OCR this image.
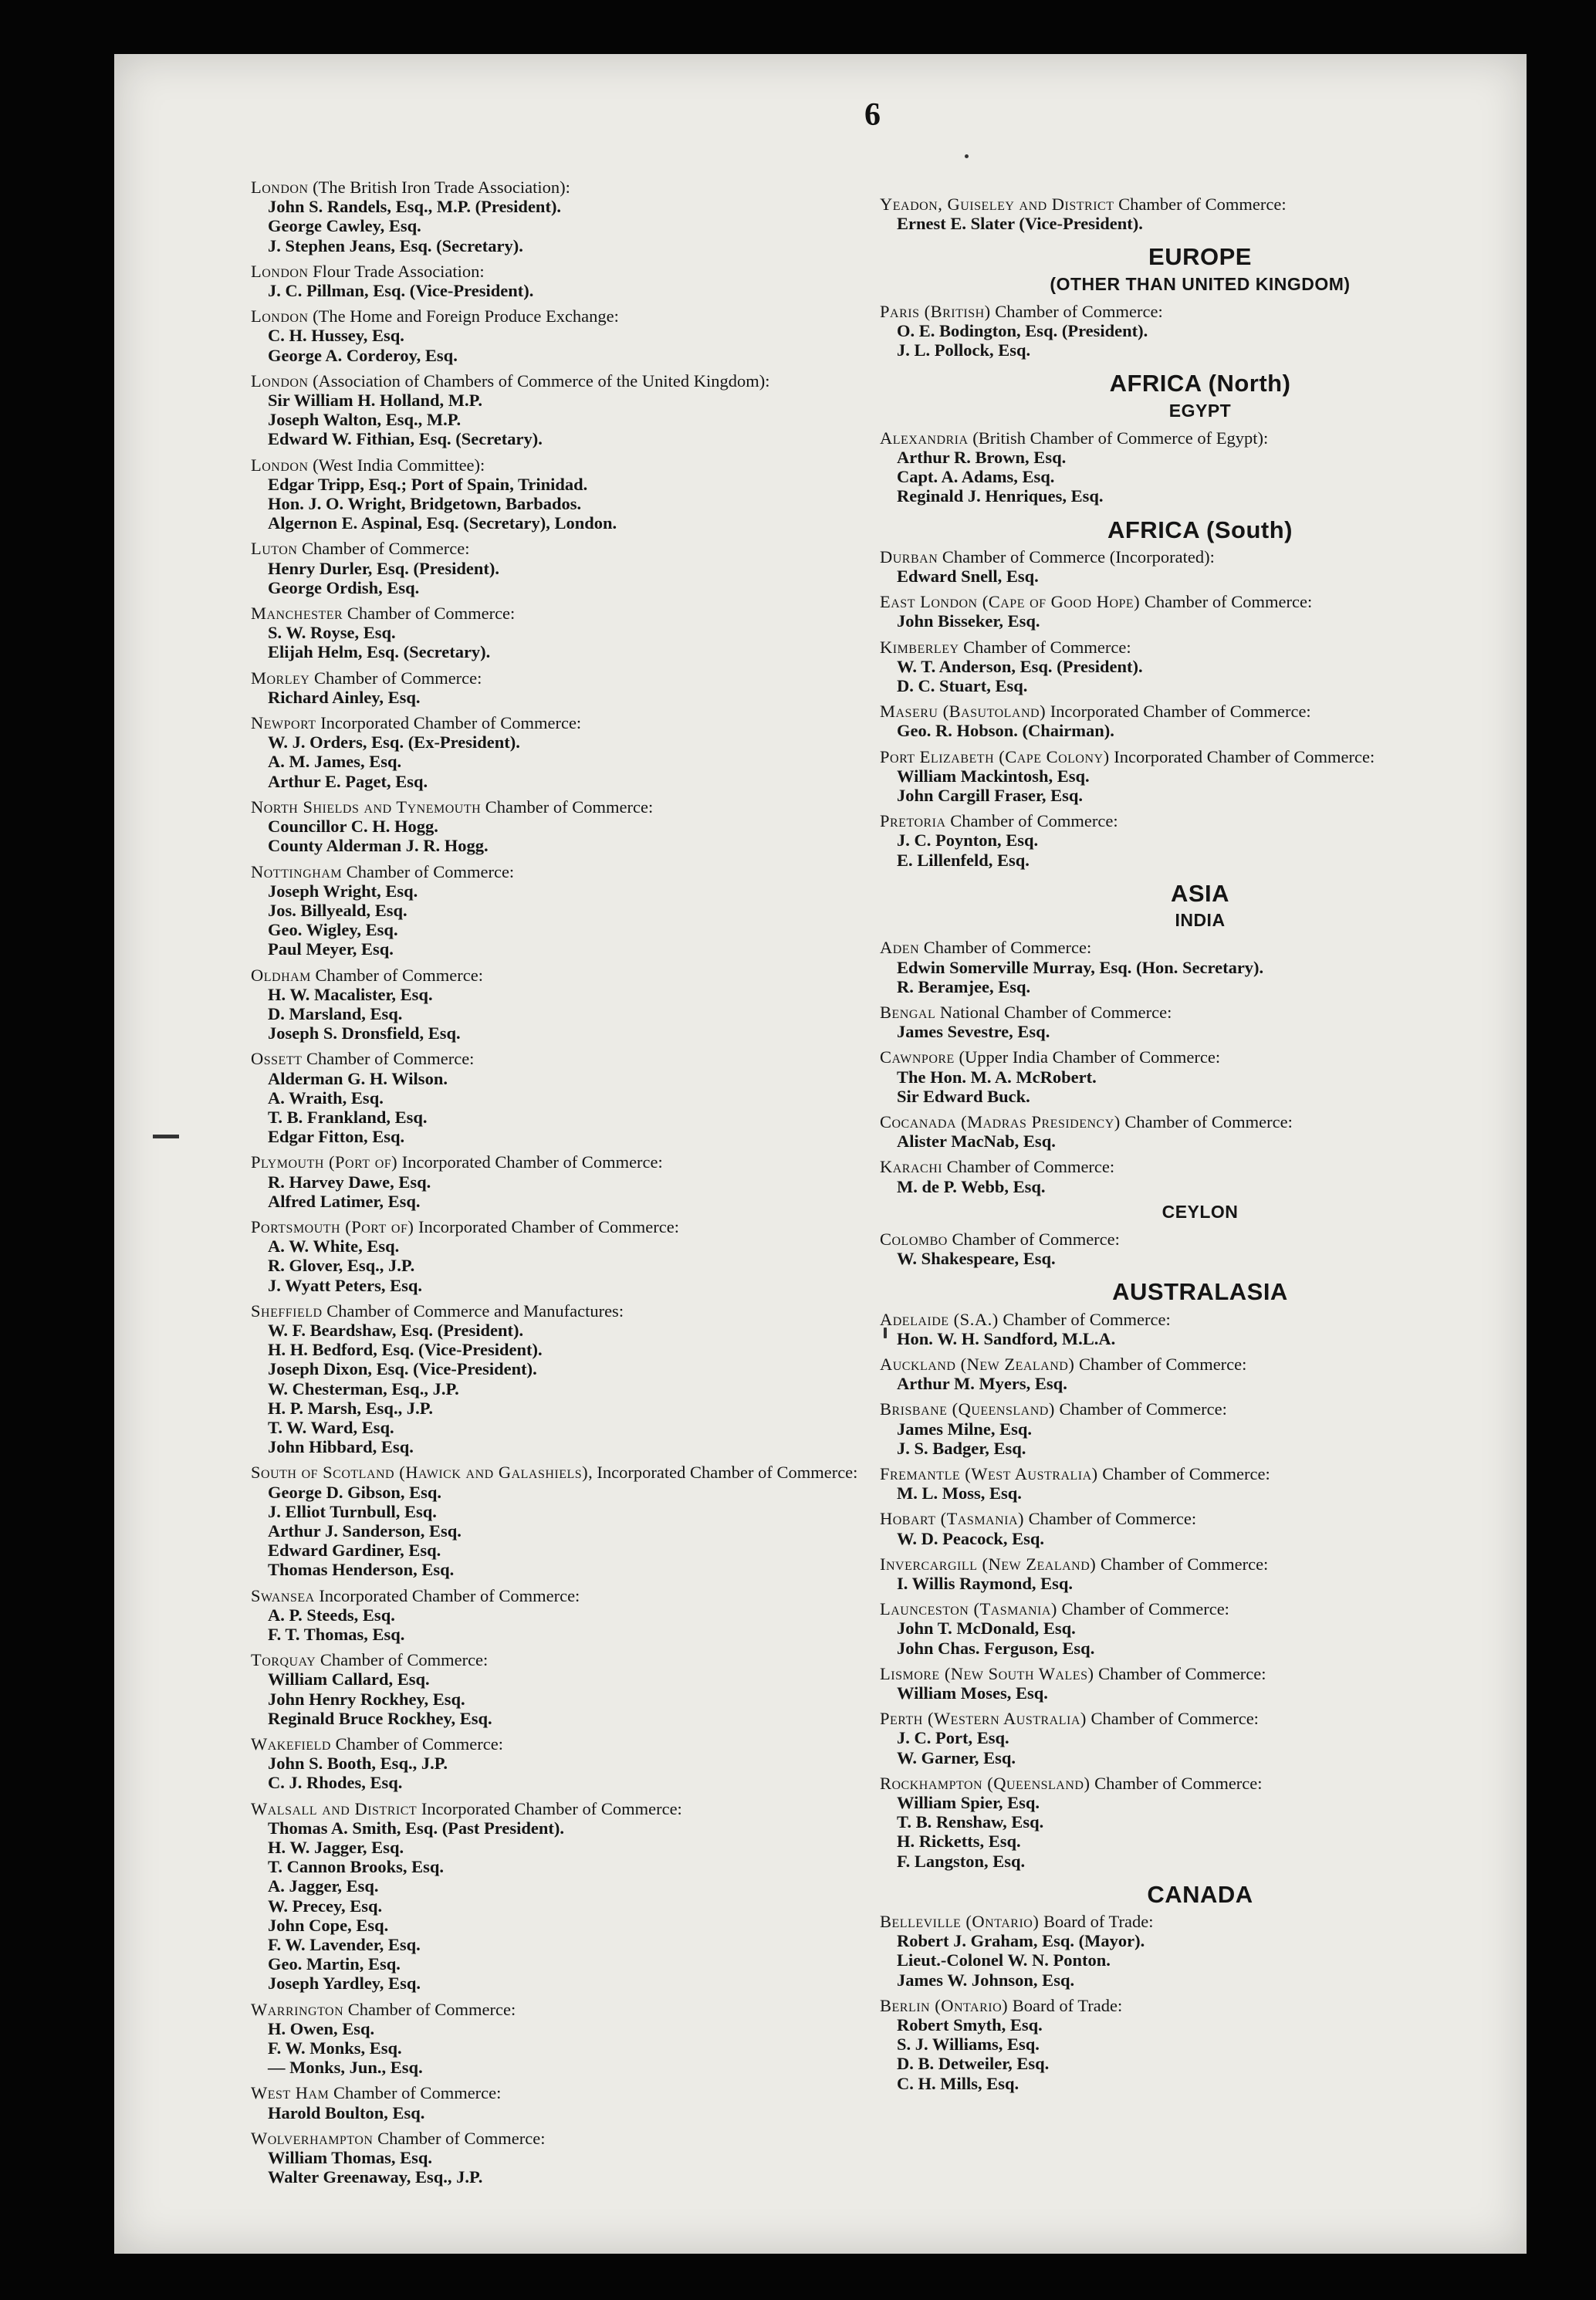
6
London (The British Iron Trade Association):
John S. Randels, Esq., M.P. (President).
George Cawley, Esq.
J. Stephen Jeans, Esq. (Secretary).
London Flour Trade Association:
J. C. Pillman, Esq. (Vice-President).
London (The Home and Foreign Produce Exchange:
C. H. Hussey, Esq.
George A. Corderoy, Esq.
London (Association of Chambers of Commerce of the United Kingdom):
Sir William H. Holland, M.P.
Joseph Walton, Esq., M.P.
Edward W. Fithian, Esq. (Secretary).
London (West India Committee):
Edgar Tripp, Esq.; Port of Spain, Trinidad.
Hon. J. O. Wright, Bridgetown, Barbados.
Algernon E. Aspinal, Esq. (Secretary), London.
Luton Chamber of Commerce:
Henry Durler, Esq. (President).
George Ordish, Esq.
Manchester Chamber of Commerce:
S. W. Royse, Esq.
Elijah Helm, Esq. (Secretary).
Morley Chamber of Commerce:
Richard Ainley, Esq.
Newport Incorporated Chamber of Commerce:
W. J. Orders, Esq. (Ex-President).
A. M. James, Esq.
Arthur E. Paget, Esq.
North Shields and Tynemouth Chamber of Commerce:
Councillor C. H. Hogg.
County Alderman J. R. Hogg.
Nottingham Chamber of Commerce:
Joseph Wright, Esq.
Jos. Billyeald, Esq.
Geo. Wigley, Esq.
Paul Meyer, Esq.
Oldham Chamber of Commerce:
H. W. Macalister, Esq.
D. Marsland, Esq.
Joseph S. Dronsfield, Esq.
Ossett Chamber of Commerce:
Alderman G. H. Wilson.
A. Wraith, Esq.
T. B. Frankland, Esq.
Edgar Fitton, Esq.
Plymouth (Port of) Incorporated Chamber of Commerce:
R. Harvey Dawe, Esq.
Alfred Latimer, Esq.
Portsmouth (Port of) Incorporated Chamber of Commerce:
A. W. White, Esq.
R. Glover, Esq., J.P.
J. Wyatt Peters, Esq.
Sheffield Chamber of Commerce and Manufactures:
W. F. Beardshaw, Esq. (President).
H. H. Bedford, Esq. (Vice-President).
Joseph Dixon, Esq. (Vice-President).
W. Chesterman, Esq., J.P.
H. P. Marsh, Esq., J.P.
T. W. Ward, Esq.
John Hibbard, Esq.
South of Scotland (Hawick and Galashiels), Incorporated Chamber of Commerce:
George D. Gibson, Esq.
J. Elliot Turnbull, Esq.
Arthur J. Sanderson, Esq.
Edward Gardiner, Esq.
Thomas Henderson, Esq.
Swansea Incorporated Chamber of Commerce:
A. P. Steeds, Esq.
F. T. Thomas, Esq.
Torquay Chamber of Commerce:
William Callard, Esq.
John Henry Rockhey, Esq.
Reginald Bruce Rockhey, Esq.
Wakefield Chamber of Commerce:
John S. Booth, Esq., J.P.
C. J. Rhodes, Esq.
Walsall and District Incorporated Chamber of Commerce:
Thomas A. Smith, Esq. (Past President).
H. W. Jagger, Esq.
T. Cannon Brooks, Esq.
A. Jagger, Esq.
W. Precey, Esq.
John Cope, Esq.
F. W. Lavender, Esq.
Geo. Martin, Esq.
Joseph Yardley, Esq.
Warrington Chamber of Commerce:
H. Owen, Esq.
F. W. Monks, Esq.
— Monks, Jun., Esq.
West Ham Chamber of Commerce:
Harold Boulton, Esq.
Wolverhampton Chamber of Commerce:
William Thomas, Esq.
Walter Greenaway, Esq., J.P.
Yeadon, Guiseley and District Chamber of Commerce:
Ernest E. Slater (Vice-President).
EUROPE
(OTHER THAN UNITED KINGDOM)
Paris (British) Chamber of Commerce:
O. E. Bodington, Esq. (President).
J. L. Pollock, Esq.
AFRICA (North)
EGYPT
Alexandria (British Chamber of Commerce of Egypt):
Arthur R. Brown, Esq.
Capt. A. Adams, Esq.
Reginald J. Henriques, Esq.
AFRICA (South)
Durban Chamber of Commerce (Incorporated):
Edward Snell, Esq.
East London (Cape of Good Hope) Chamber of Commerce:
John Bisseker, Esq.
Kimberley Chamber of Commerce:
W. T. Anderson, Esq. (President).
D. C. Stuart, Esq.
Maseru (Basutoland) Incorporated Chamber of Commerce:
Geo. R. Hobson. (Chairman).
Port Elizabeth (Cape Colony) Incorporated Chamber of Commerce:
William Mackintosh, Esq.
John Cargill Fraser, Esq.
Pretoria Chamber of Commerce:
J. C. Poynton, Esq.
E. Lillenfeld, Esq.
ASIA
INDIA
Aden Chamber of Commerce:
Edwin Somerville Murray, Esq. (Hon. Secretary).
R. Beramjee, Esq.
Bengal National Chamber of Commerce:
James Sevestre, Esq.
Cawnpore (Upper India Chamber of Commerce:
The Hon. M. A. McRobert.
Sir Edward Buck.
Cocanada (Madras Presidency) Chamber of Commerce:
Alister MacNab, Esq.
Karachi Chamber of Commerce:
M. de P. Webb, Esq.
CEYLON
Colombo Chamber of Commerce:
W. Shakespeare, Esq.
AUSTRALASIA
Adelaide (S.A.) Chamber of Commerce:
Hon. W. H. Sandford, M.L.A.
Auckland (New Zealand) Chamber of Commerce:
Arthur M. Myers, Esq.
Brisbane (Queensland) Chamber of Commerce:
James Milne, Esq.
J. S. Badger, Esq.
Fremantle (West Australia) Chamber of Commerce:
M. L. Moss, Esq.
Hobart (Tasmania) Chamber of Commerce:
W. D. Peacock, Esq.
Invercargill (New Zealand) Chamber of Commerce:
I. Willis Raymond, Esq.
Launceston (Tasmania) Chamber of Commerce:
John T. McDonald, Esq.
John Chas. Ferguson, Esq.
Lismore (New South Wales) Chamber of Commerce:
William Moses, Esq.
Perth (Western Australia) Chamber of Commerce:
J. C. Port, Esq.
W. Garner, Esq.
Rockhampton (Queensland) Chamber of Commerce:
William Spier, Esq.
T. B. Renshaw, Esq.
H. Ricketts, Esq.
F. Langston, Esq.
CANADA
Belleville (Ontario) Board of Trade:
Robert J. Graham, Esq. (Mayor).
Lieut.-Colonel W. N. Ponton.
James W. Johnson, Esq.
Berlin (Ontario) Board of Trade:
Robert Smyth, Esq.
S. J. Williams, Esq.
D. B. Detweiler, Esq.
C. H. Mills, Esq.
